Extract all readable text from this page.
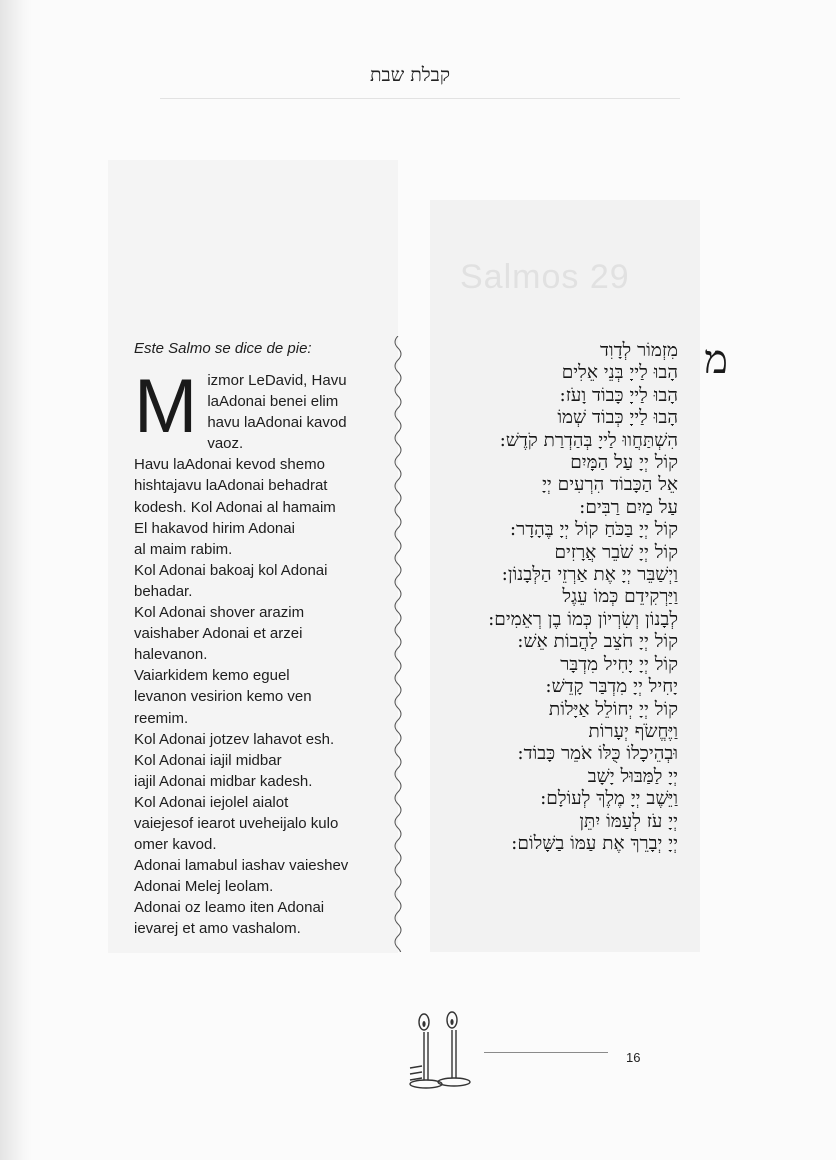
קבלת שבת
Este Salmo se dice de pie:
Mizmor LeDavid, Havu
laAdonai benei elim
havu laAdonai kavod
vaoz.
Havu laAdonai kevod shemo
hishtajavu laAdonai behadrat
kodesh. Kol Adonai al hamaim
El hakavod hirim Adonai
al maim rabim.
Kol Adonai bakoaj kol Adonai
behadar.
Kol Adonai shover arazim
vaishaber Adonai et arzei
halevanon.
Vaiarkidem kemo eguel
levanon vesirion kemo ven
reemim.
Kol Adonai jotzev lahavot esh.
Kol Adonai iajil midbar
iajil Adonai midbar kadesh.
Kol Adonai iejolel aialot
vaiejesof iearot uveheijalo kulo
omer kavod.
Adonai lamabul iashav vaieshev
Adonai Melej leolam.
Adonai oz leamo iten Adonai
ievarej et amo vashalom.
Salmos 29
מ
מִזְמוֹר לְדָוִד
הָבוּ לַייָ בְּנֵי אֵלִים
הָבוּ לַייָ כָּבוֹד וָעֹז:
הָבוּ לַייָ כְּבוֹד שְׁמוֹ
הִשְׁתַּחֲווּ לַייָ בְּהַדְרַת קֹדֶשׁ:
קוֹל יְיָ עַל הַמָּיִם
אֵל הַכָּבוֹד הִרְעִים יְיָ
עַל מַיִם רַבִּים:
קוֹל יְיָ בַּכֹּחַ קוֹל יְיָ בֶּהָדָר:
קוֹל יְיָ שֹׁבֵר אֲרָזִים
וַיְשַׁבֵּר יְיָ אֶת אַרְזֵי הַלְּבָנוֹן:
וַיַּרְקִידֵם כְּמוֹ עֵגֶל
לְבָנוֹן וְשִׂרְיוֹן כְּמוֹ בֶן רְאֵמִים:
קוֹל יְיָ חֹצֵב לַהֲבוֹת אֵשׁ:
קוֹל יְיָ יָחִיל מִדְבָּר
יָחִיל יְיָ מִדְבַּר קָדֵשׁ:
קוֹל יְיָ יְחוֹלֵל אַיָּלוֹת
וַיֶּחֱשֹׂף יְעָרוֹת
וּבְהֵיכָלוֹ כֻּלּוֹ אֹמֵר כָּבוֹד:
יְיָ לַמַּבּוּל יָשָׁב
וַיֵּשֶׁב יְיָ מֶלֶךְ לְעוֹלָם:
יְיָ עֹז לְעַמּוֹ יִתֵּן
יְיָ יְבָרֵךְ אֶת עַמּוֹ בַשָּׁלוֹם:
16
